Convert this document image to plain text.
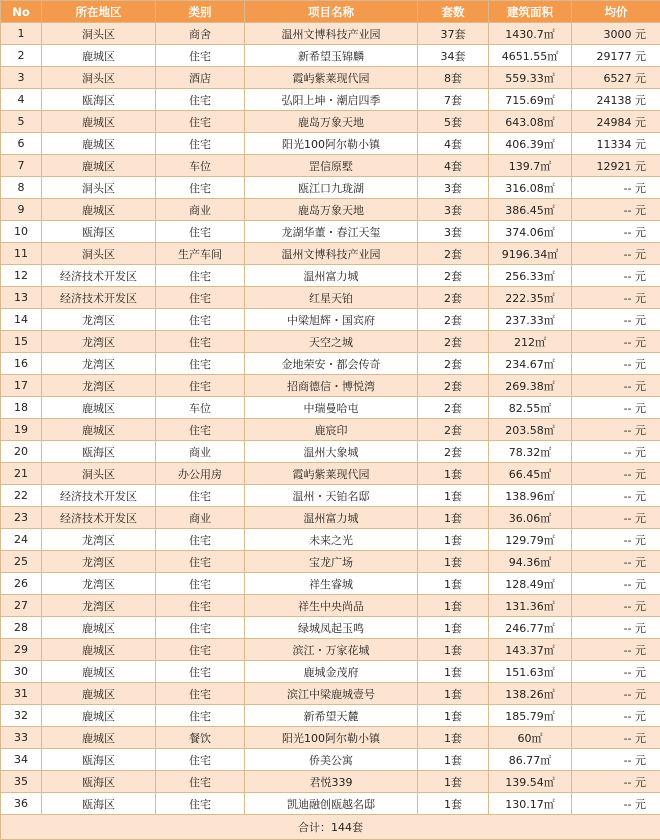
No	所在地区	类别	项目名称	套数	建筑面积	均价
1	洞头区	商舍	温州文博科技产业园	37套	1430.7㎡	3000 元
2	鹿城区	住宅	新希望玉锦麟	34套	4651.55㎡	29177 元
3	洞头区	酒店	霞屿紫莱现代园	8套	559.33㎡	6527 元
4	瓯海区	住宅	弘阳上坤・潮启四季	7套	715.69㎡	24138 元
5	鹿城区	住宅	鹿岛万象天地	5套	643.08㎡	24984 元
6	鹿城区	住宅	阳光100阿尔勒小镇	4套	406.39㎡	11334 元
7	鹿城区	车位	罡信原墅	4套	139.7㎡	12921 元
8	洞头区	住宅	瓯江口九珑湖	3套	316.08㎡	-- 元
9	鹿城区	商业	鹿岛万象天地	3套	386.45㎡	-- 元
10	瓯海区	住宅	龙湖华董・春江天玺	3套	374.06㎡	-- 元
11	洞头区	生产车间	温州文博科技产业园	2套	9196.34㎡	-- 元
12	经济技术开发区	住宅	温州富力城	2套	256.33㎡	-- 元
13	经济技术开发区	住宅	红星天铂	2套	222.35㎡	-- 元
14	龙湾区	住宅	中梁旭辉・国宾府	2套	237.33㎡	-- 元
15	龙湾区	住宅	天空之城	2套	212㎡	-- 元
16	龙湾区	住宅	金地荣安・都会传奇	2套	234.67㎡	-- 元
17	龙湾区	住宅	招商德信・博悦湾	2套	269.38㎡	-- 元
18	鹿城区	车位	中瑞曼哈屯	2套	82.55㎡	-- 元
19	鹿城区	住宅	鹿宸印	2套	203.58㎡	-- 元
20	瓯海区	商业	温州大象城	2套	78.32㎡	-- 元
21	洞头区	办公用房	霞屿紫莱现代园	1套	66.45㎡	-- 元
22	经济技术开发区	住宅	温州・天铂名邸	1套	138.96㎡	-- 元
23	经济技术开发区	商业	温州富力城	1套	36.06㎡	-- 元
24	龙湾区	住宅	未来之光	1套	129.79㎡	-- 元
25	龙湾区	住宅	宝龙广场	1套	94.36㎡	-- 元
26	龙湾区	住宅	祥生睿城	1套	128.49㎡	-- 元
27	龙湾区	住宅	祥生中央尚品	1套	131.36㎡	-- 元
28	鹿城区	住宅	绿城凤起玉鸣	1套	246.77㎡	-- 元
29	鹿城区	住宅	滨江・万家花城	1套	143.37㎡	-- 元
30	鹿城区	住宅	鹿城金茂府	1套	151.63㎡	-- 元
31	鹿城区	住宅	滨江中梁鹿城壹号	1套	138.26㎡	-- 元
32	鹿城区	住宅	新希望天麓	1套	185.79㎡	-- 元
33	鹿城区	餐饮	阳光100阿尔勒小镇	1套	60㎡	-- 元
34	瓯海区	住宅	侨美公寓	1套	86.77㎡	-- 元
35	瓯海区	住宅	君悦339	1套	139.54㎡	-- 元
36	瓯海区	住宅	凯迪融创瓯越名邸	1套	130.17㎡	-- 元
合计：144套						
